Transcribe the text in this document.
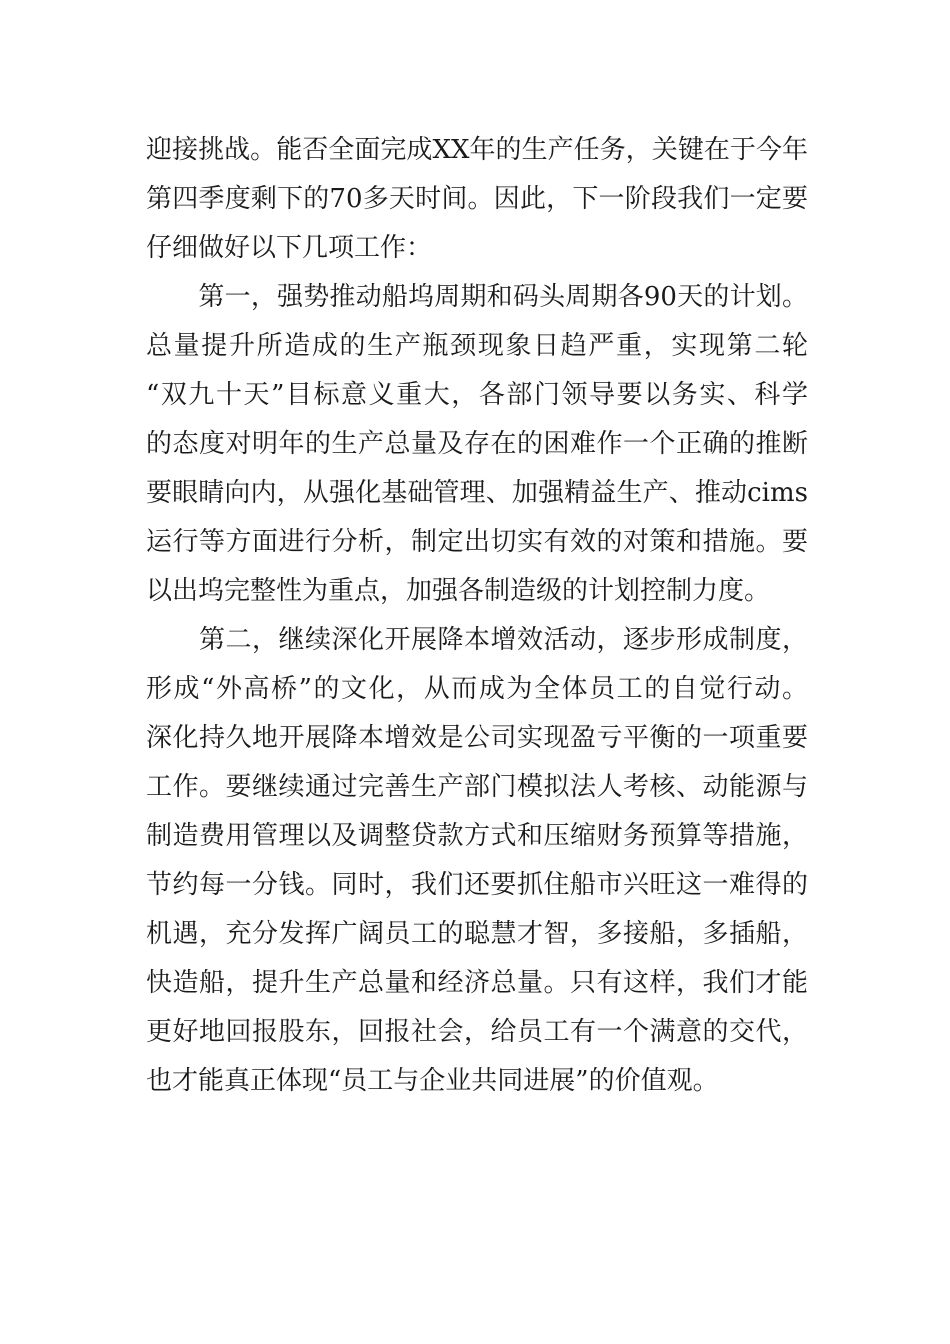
迎接挑战。能否全面完成XX年的生产任务，关键在于今年
第四季度剩下的70多天时间。因此，下一阶段我们一定要
仔细做好以下几项工作：
　　第一，强势推动船坞周期和码头周期各90天的计划。
总量提升所造成的生产瓶颈现象日趋严重，实现第二轮
“双九十天”目标意义重大，各部门领导要以务实、科学
的态度对明年的生产总量及存在的困难作一个正确的推断
要眼睛向内，从强化基础管理、加强精益生产、推动cims
运行等方面进行分析，制定出切实有效的对策和措施。要
以出坞完整性为重点，加强各制造级的计划控制力度。
　　第二，继续深化开展降本增效活动，逐步形成制度，
形成“外高桥”的文化，从而成为全体员工的自觉行动。
深化持久地开展降本增效是公司实现盈亏平衡的一项重要
工作。要继续通过完善生产部门模拟法人考核、动能源与
制造费用管理以及调整贷款方式和压缩财务预算等措施，
节约每一分钱。同时，我们还要抓住船市兴旺这一难得的
机遇，充分发挥广阔员工的聪慧才智，多接船，多插船，
快造船，提升生产总量和经济总量。只有这样，我们才能
更好地回报股东，回报社会，给员工有一个满意的交代，
也才能真正体现“员工与企业共同进展”的价值观。
